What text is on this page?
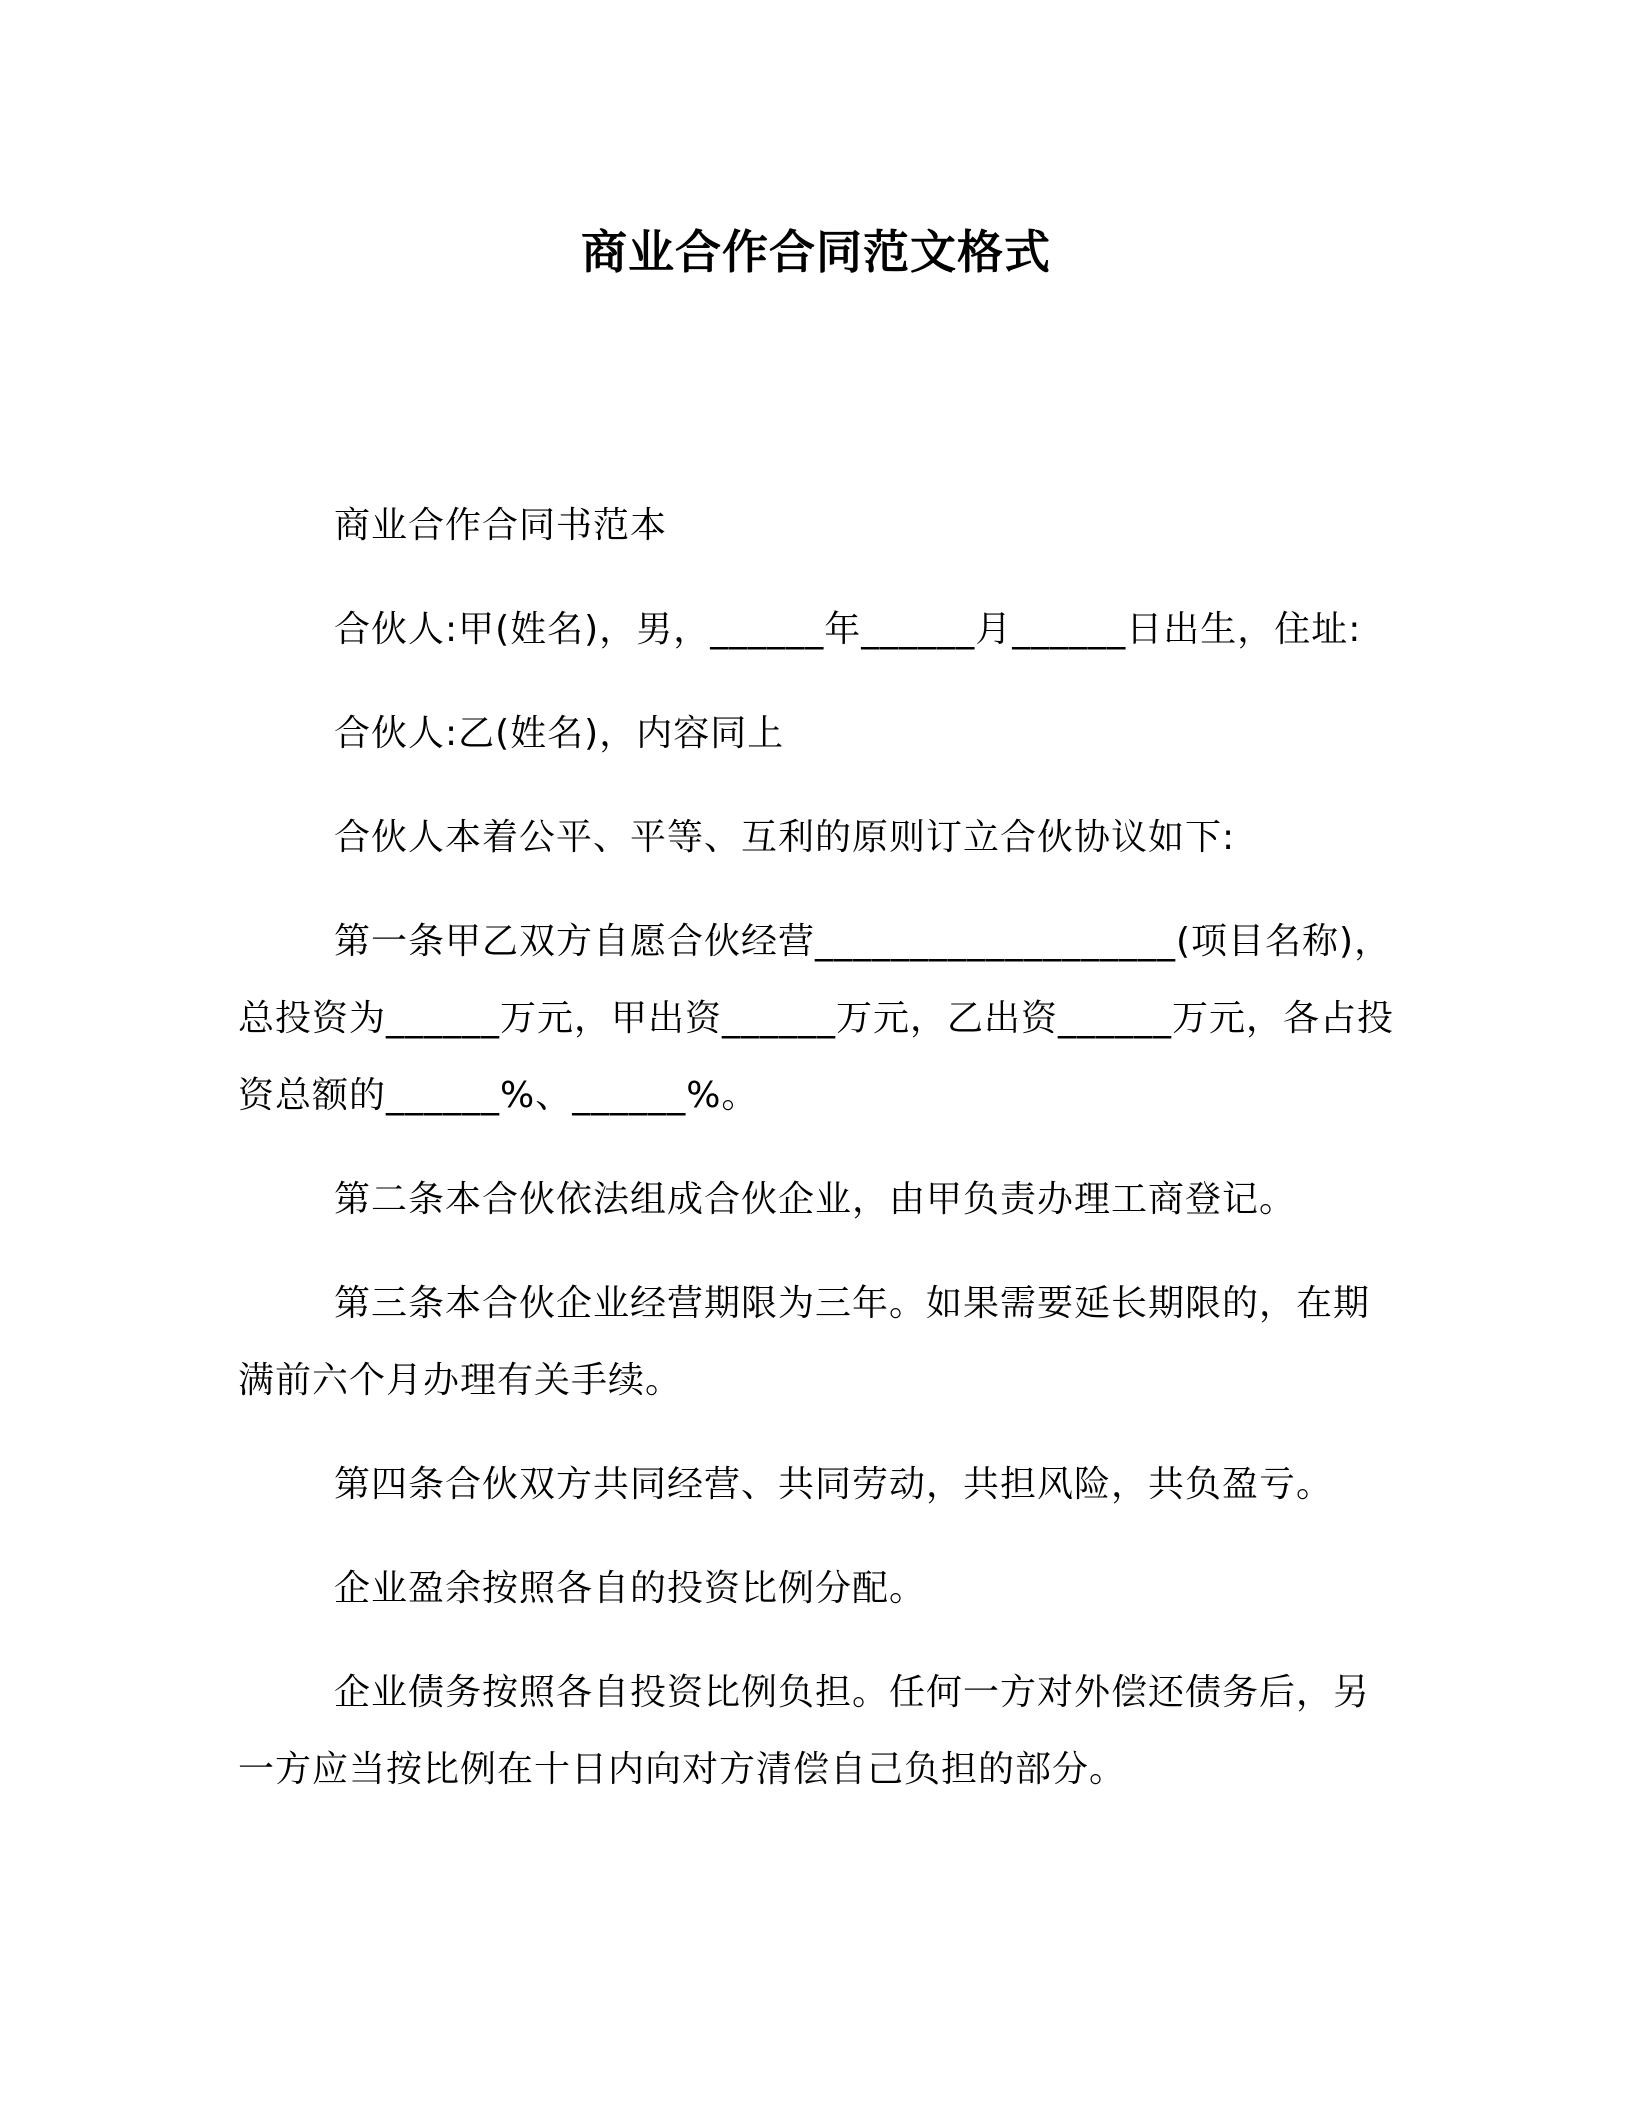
商业合作合同范文格式

商业合作合同书范本

合伙人:甲(姓名)，男，______年______月______日出生，住址:

合伙人:乙(姓名)，内容同上

合伙人本着公平、平等、互利的原则订立合伙协议如下:

第一条甲乙双方自愿合伙经营___________________(项目名称)，总投资为______万元，甲出资______万元，乙出资______万元，各占投资总额的______%、______%。

第二条本合伙依法组成合伙企业，由甲负责办理工商登记。

第三条本合伙企业经营期限为三年。如果需要延长期限的，在期满前六个月办理有关手续。

第四条合伙双方共同经营、共同劳动，共担风险，共负盈亏。

企业盈余按照各自的投资比例分配。

企业债务按照各自投资比例负担。任何一方对外偿还债务后，另一方应当按比例在十日内向对方清偿自己负担的部分。
